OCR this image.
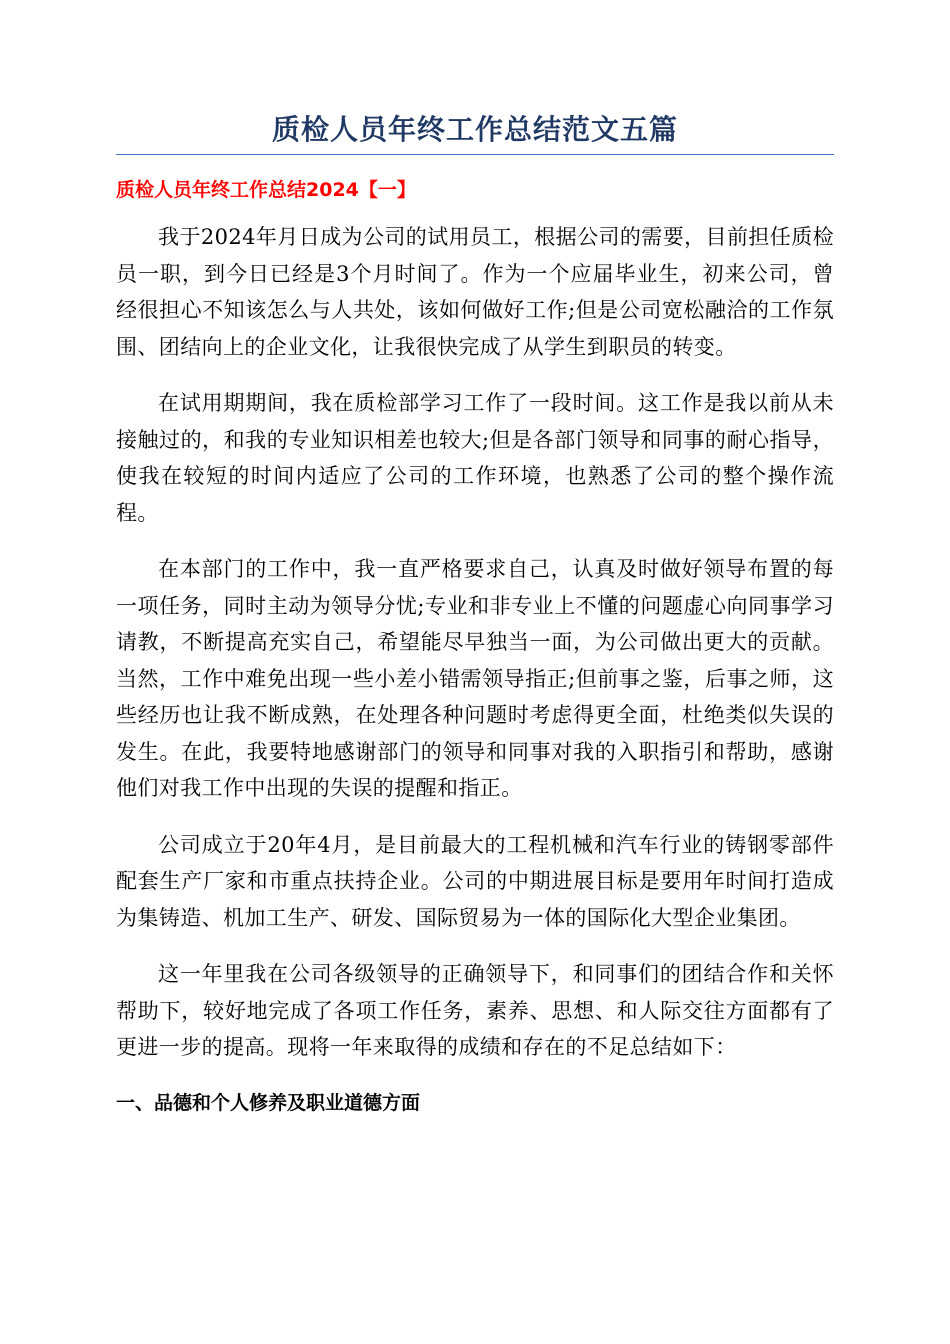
质检人员年终工作总结范文五篇
质检人员年终工作总结2024【一】

我于2024年月日成为公司的试用员工，根据公司的需要，目前担任质检员一职，到今日已经是3个月时间了。作为一个应届毕业生，初来公司，曾经很担心不知该怎么与人共处，该如何做好工作;但是公司宽松融洽的工作氛围、团结向上的企业文化，让我很快完成了从学生到职员的转变。

在试用期期间，我在质检部学习工作了一段时间。这工作是我以前从未接触过的，和我的专业知识相差也较大;但是各部门领导和同事的耐心指导，使我在较短的时间内适应了公司的工作环境，也熟悉了公司的整个操作流程。

在本部门的工作中，我一直严格要求自己，认真及时做好领导布置的每一项任务，同时主动为领导分忧;专业和非专业上不懂的问题虚心向同事学习请教，不断提高充实自己，希望能尽早独当一面，为公司做出更大的贡献。当然，工作中难免出现一些小差小错需领导指正;但前事之鉴，后事之师，这些经历也让我不断成熟，在处理各种问题时考虑得更全面，杜绝类似失误的发生。在此，我要特地感谢部门的领导和同事对我的入职指引和帮助，感谢他们对我工作中出现的失误的提醒和指正。

公司成立于20年4月，是目前最大的工程机械和汽车行业的铸钢零部件配套生产厂家和市重点扶持企业。公司的中期进展目标是要用年时间打造成为集铸造、机加工生产、研发、国际贸易为一体的国际化大型企业集团。

这一年里我在公司各级领导的正确领导下，和同事们的团结合作和关怀帮助下，较好地完成了各项工作任务，素养、思想、和人际交往方面都有了更进一步的提高。现将一年来取得的成绩和存在的不足总结如下：

一、品德和个人修养及职业道德方面
